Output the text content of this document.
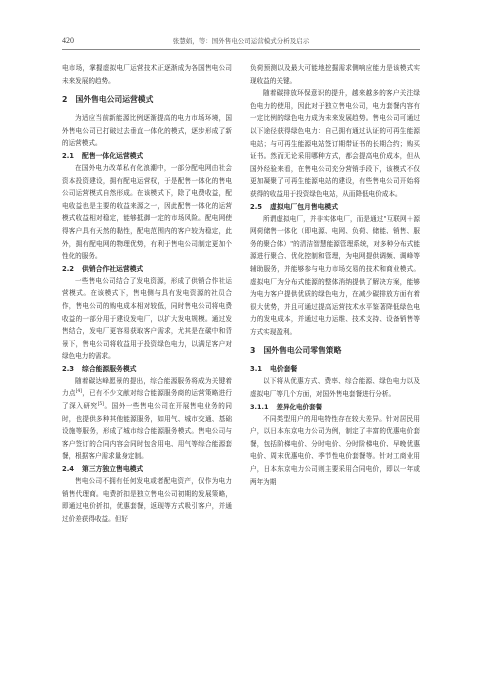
420	张慧娟，等：国外售电公司运营模式分析及启示

电市场，掌握虚拟电厂运营技术正逐渐成为各国售电公司未来发展的趋势。

2 国外售电公司运营模式

为适应当前新能源比例逐渐提高的电力市场环境，国外售电公司已打破过去垂直一体化的模式，逐步形成了新的运营模式。

2.1 配售一体化运营模式

在国外电力改革私有化浪潮中，一部分配电网由社会资本投资建设，拥有配电运营权，于是配售一体化的售电公司运营模式自然形成。在该模式下，除了电费收益，配电收益也是主要的收益来源之一，因此配售一体化的运营模式收益相对稳定，能够抵御一定的市场风险。配电网使得客户具有天然的黏性，配电范围内的客户较为稳定，此外，拥有配电网的物理优势，有利于售电公司制定更加个性化的服务。

2.2 供销合作社运营模式

一些售电公司结合了发电资源，形成了供销合作社运营模式。在该模式下，售电侧与具有发电资源的社员合作，售电公司的购电成本相对较低，同时售电公司将电费收益的一部分用于建设发电厂，以扩大发电规模。通过发售结合，发电厂更容易获取客户需求，尤其是在碳中和背景下，售电公司将收益用于投资绿色电力，以满足客户对绿色电力的需求。

2.3 综合能源服务模式

随着碳达峰愿景的提出，综合能源服务将成为关键着力点[4]，已有不少文献对综合能源服务商的运营策略进行了深入研究[5]。国外一些售电公司在开展售电业务的同时，也提供多种其他能源服务，如用气、城市交通、基础设施等服务，形成了城市综合能源服务模式。售电公司与客户签订的合同内容会同时包含用电、用气等综合能源套餐，根据客户需求量身定制。

2.4 第三方独立售电模式

售电公司不拥有任何发电或者配电资产，仅作为电力销售代理商。电费折扣是独立售电公司初期的发展策略，即通过电价折扣，优惠套餐，返现等方式吸引客户，并通过价差获得收益。但好

负荷预测以及最大可能地挖掘需求侧响应能力是该模式实现收益的关键。

随着碳排放环保意识的提升，越来越多的客户关注绿色电力的使用，因此对于独立售电公司，电力套餐内容有一定比例的绿色电力成为未来发展趋势。售电公司可通过以下途径获得绿色电力：自己拥有通过认证的可再生能源电站；与可再生能源电站签订期带证书的长期合约；购买证书。然而无论采用哪种方式，都会提高电价成本，但从国外经验来看，在售电公司充分营销手段下，该模式不仅更加凝聚了可再生能源电站的建设，有些售电公司开始将获得的收益用于投资绿色电站，从而降低电价成本。

2.5 虚拟电厂包月售电模式

所谓虚拟电厂，并非实体电厂，而是通过"互联网＋源网荷储售一体化（即电源、电网、负荷、储能、销售、服务的聚合体）"的清洁智慧能源管理系统，对多种分布式能源进行聚合、优化控制和管理，为电网提供调频、调峰等辅助服务，并能够参与电力市场交易的技术和商业模式。虚拟电厂为分布式能源的整体消纳提供了解决方案，能够为电力客户提供优质的绿色电力，在减少碳排放方面有着很大优势，并且可通过提高运营技术水平鉴著降低绿色电力的发电成本，并通过电力运维、技术支持、设备销售等方式实现盈利。

3 国外售电公司零售策略
3.1 电价套餐

以下将从优惠方式、费率、综合能源、绿色电力以及虚拟电厂等几个方面，对国外售电套餐进行分析。

3.1.1 差异化电价套餐

不同类型用户的用电特性存在较大差异。针对居民用户，以日本东京电力公司为例，制定了丰富的优惠电价套餐，包括阶梯电价、分时电价、分时阶梯电价、早晚优惠电价、周末优惠电价、季节性电价套餐等。针对工商业用户，日本东京电力公司则主要采用合同电价，即以一年或两年为期
